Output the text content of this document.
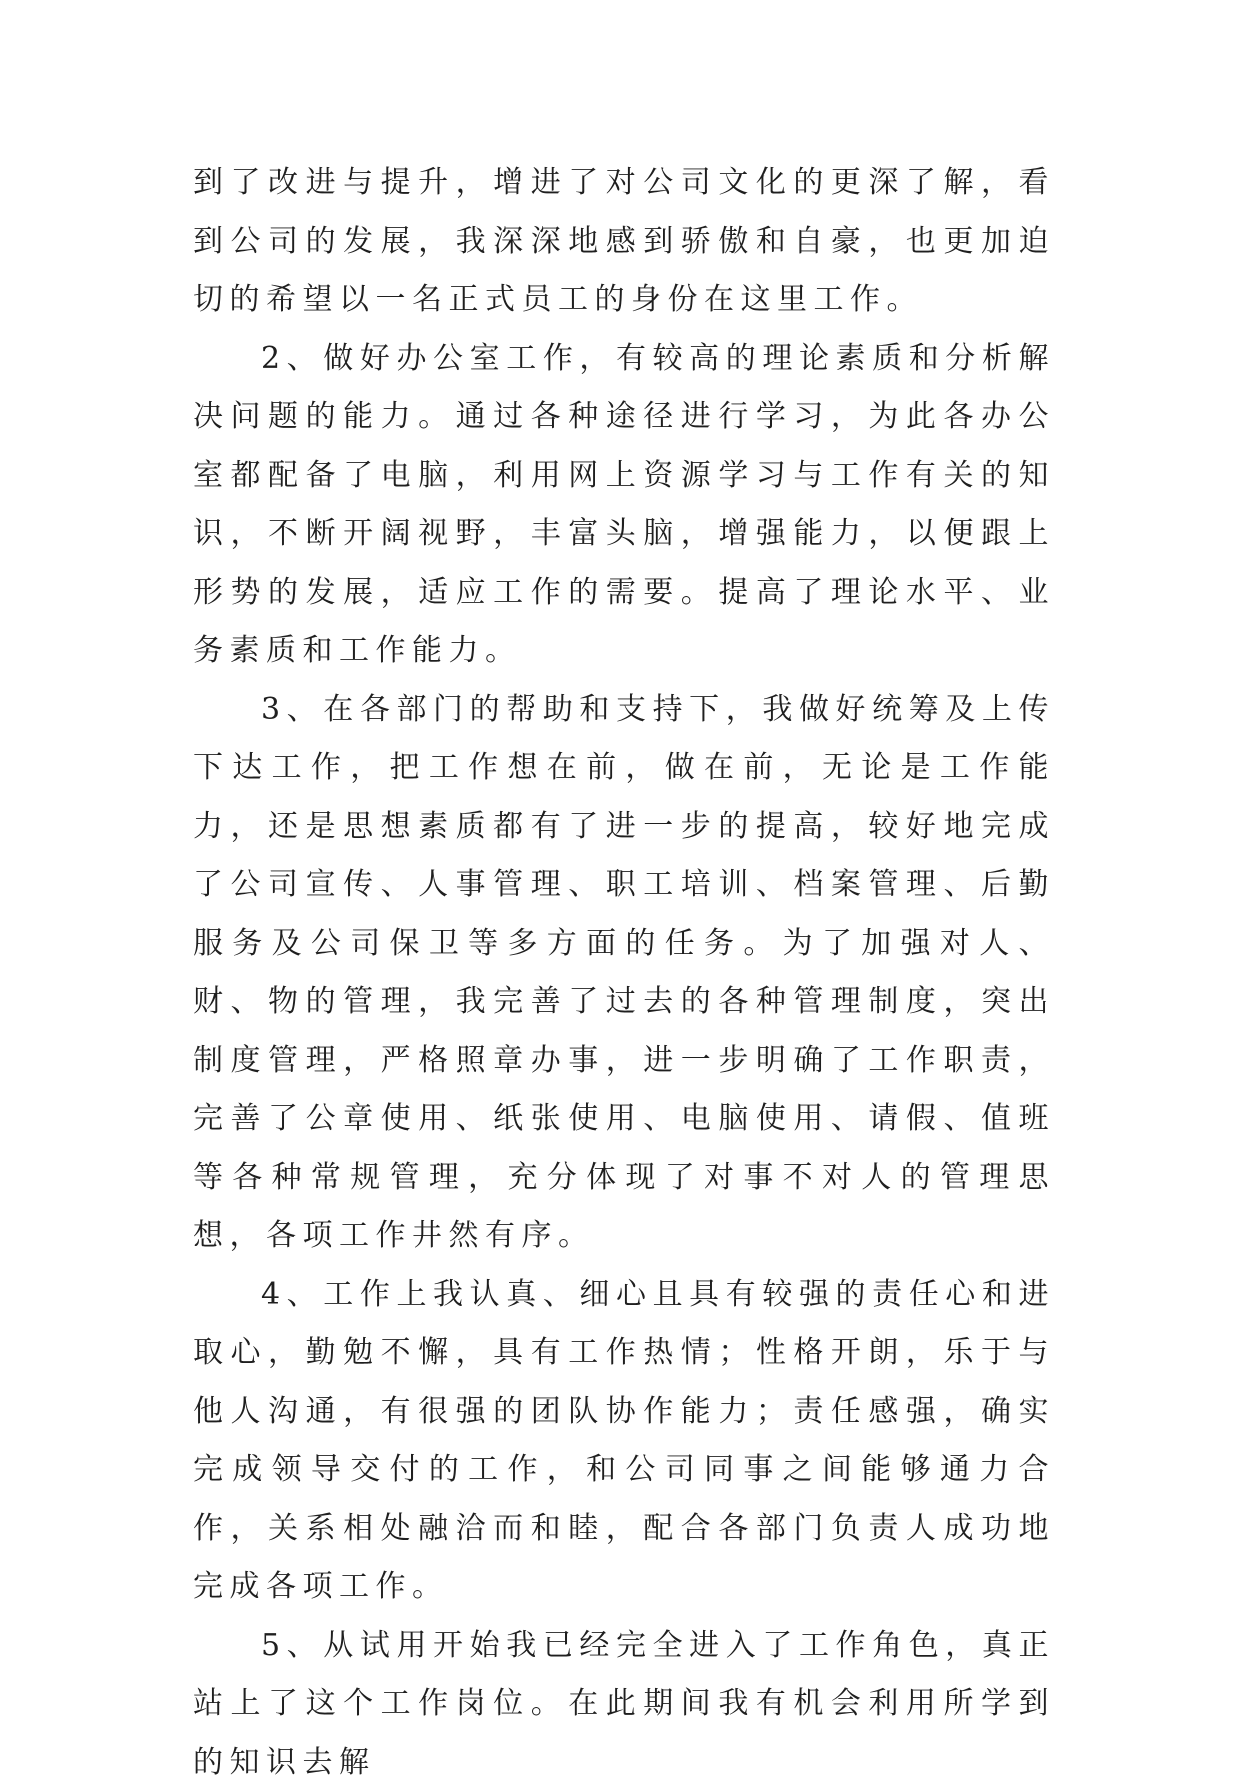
到了改进与提升，增进了对公司文化的更深了解，看到公司的发展，我深深地感到骄傲和自豪，也更加迫切的希望以一名正式员工的身份在这里工作。

2、做好办公室工作，有较高的理论素质和分析解决问题的能力。通过各种途径进行学习，为此各办公室都配备了电脑，利用网上资源学习与工作有关的知识，不断开阔视野，丰富头脑，增强能力，以便跟上形势的发展，适应工作的需要。提高了理论水平、业务素质和工作能力。

3、在各部门的帮助和支持下，我做好统筹及上传下达工作，把工作想在前，做在前，无论是工作能力，还是思想素质都有了进一步的提高，较好地完成了公司宣传、人事管理、职工培训、档案管理、后勤服务及公司保卫等多方面的任务。为了加强对人、财、物的管理，我完善了过去的各种管理制度，突出制度管理，严格照章办事，进一步明确了工作职责，完善了公章使用、纸张使用、电脑使用、请假、值班等各种常规管理，充分体现了对事不对人的管理思想，各项工作井然有序。

4、工作上我认真、细心且具有较强的责任心和进取心，勤勉不懈，具有工作热情；性格开朗，乐于与他人沟通，有很强的团队协作能力；责任感强，确实完成领导交付的工作，和公司同事之间能够通力合作，关系相处融洽而和睦，配合各部门负责人成功地完成各项工作。

5、从试用开始我已经完全进入了工作角色，真正站上了这个工作岗位。在此期间我有机会利用所学到的知识去解
